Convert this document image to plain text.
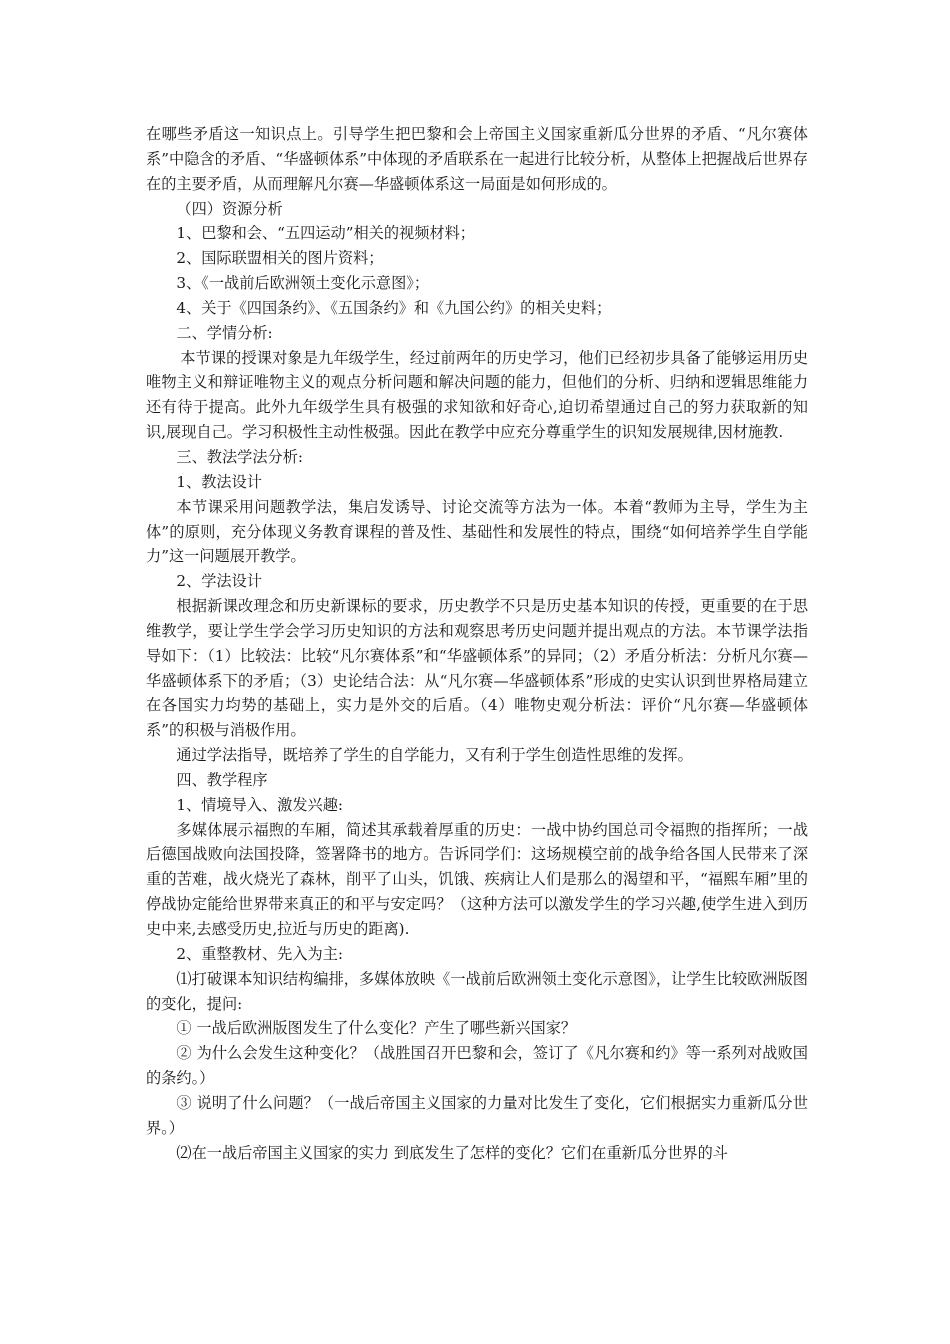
在哪些矛盾这一知识点上。引导学生把巴黎和会上帝国主义国家重新瓜分世界的矛盾、“凡尔赛体系”中隐含的矛盾、“华盛顿体系”中体现的矛盾联系在一起进行比较分析，从整体上把握战后世界存在的主要矛盾，从而理解凡尔赛—华盛顿体系这一局面是如何形成的。

（四）资源分析

1、巴黎和会、“五四运动”相关的视频材料；

2、国际联盟相关的图片资料；

3、《一战前后欧洲领土变化示意图》；

4、关于《四国条约》、《五国条约》和《九国公约》的相关史料；

二、学情分析:

本节课的授课对象是九年级学生，经过前两年的历史学习，他们已经初步具备了能够运用历史唯物主义和辩证唯物主义的观点分析问题和解决问题的能力，但他们的分析、归纳和逻辑思维能力还有待于提高。此外九年级学生具有极强的求知欲和好奇心,迫切希望通过自己的努力获取新的知识,展现自己。学习积极性主动性极强。因此在教学中应充分尊重学生的识知发展规律,因材施教.

三、教法学法分析:

1、教法设计

本节课采用问题教学法，集启发诱导、讨论交流等方法为一体。本着“教师为主导，学生为主体”的原则，充分体现义务教育课程的普及性、基础性和发展性的特点，围绕“如何培养学生自学能力”这一问题展开教学。

2、学法设计

根据新课改理念和历史新课标的要求，历史教学不只是历史基本知识的传授，更重要的在于思维教学，要让学生学会学习历史知识的方法和观察思考历史问题并提出观点的方法。本节课学法指导如下：（1）比较法：比较“凡尔赛体系”和“华盛顿体系”的异同；（2）矛盾分析法：分析凡尔赛—华盛顿体系下的矛盾；（3）史论结合法：从“凡尔赛—华盛顿体系”形成的史实认识到世界格局建立在各国实力均势的基础上，实力是外交的后盾。（4）唯物史观分析法：评价“凡尔赛—华盛顿体系”的积极与消极作用。

通过学法指导，既培养了学生的自学能力，又有利于学生创造性思维的发挥。

四、教学程序

1、情境导入、激发兴趣:

多媒体展示福煦的车厢，简述其承载着厚重的历史：一战中协约国总司令福煦的指挥所；一战后德国战败向法国投降，签署降书的地方。告诉同学们：这场规模空前的战争给各国人民带来了深重的苦难，战火烧光了森林，削平了山头，饥饿、疾病让人们是那么的渴望和平，“福熙车厢”里的停战协定能给世界带来真正的和平与安定吗？（这种方法可以激发学生的学习兴趣,使学生进入到历史中来,去感受历史,拉近与历史的距离).

2、重整教材、先入为主:

⑴打破课本知识结构编排，多媒体放映《一战前后欧洲领土变化示意图》，让学生比较欧洲版图的变化，提问:

① 一战后欧洲版图发生了什么变化？产生了哪些新兴国家？

② 为什么会发生这种变化？（战胜国召开巴黎和会，签订了《凡尔赛和约》等一系列对战败国的条约。）

③ 说明了什么问题？（一战后帝国主义国家的力量对比发生了变化，它们根据实力重新瓜分世界。）

⑵在一战后帝国主义国家的实力 到底发生了怎样的变化？它们在重新瓜分世界的斗
